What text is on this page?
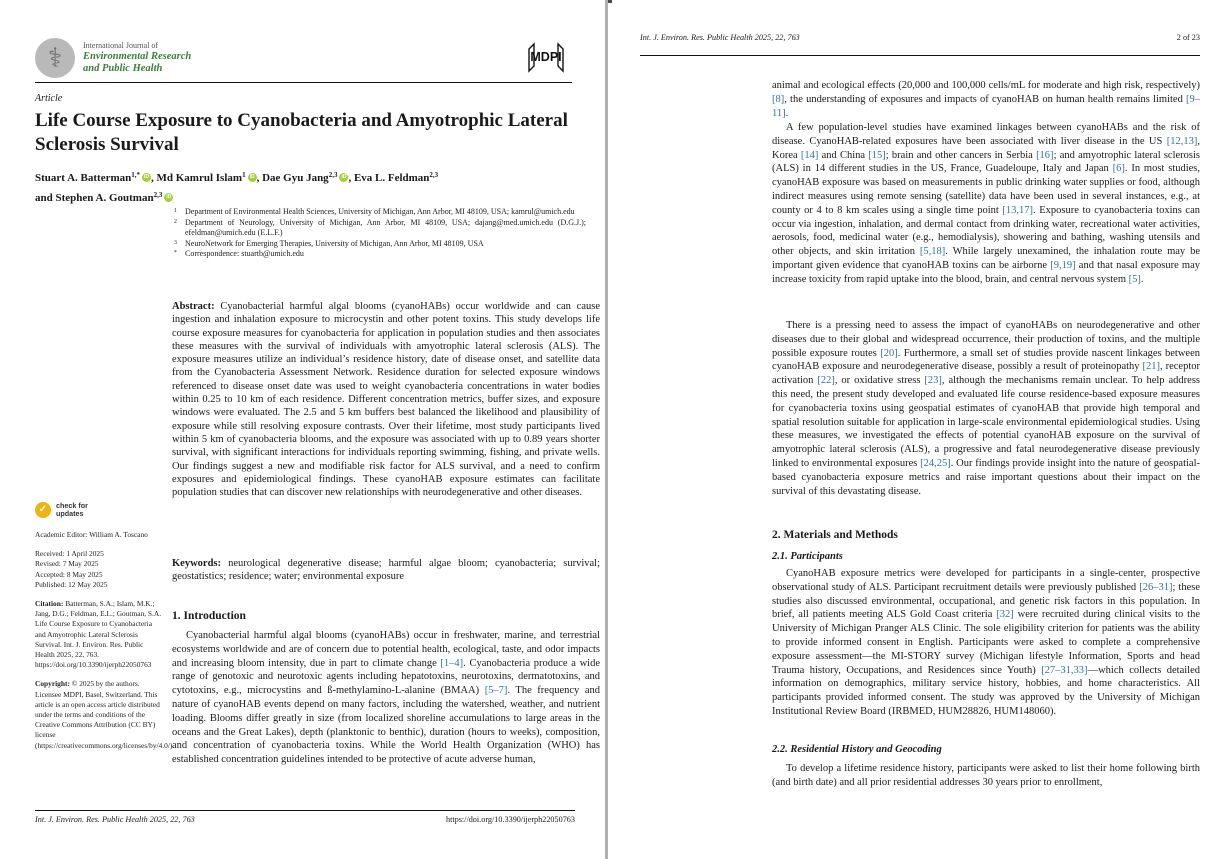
⚕	International Journal of
Environmental Research
and Public Health
MDPI
Article
Life Course Exposure to Cyanobacteria and Amyotrophic Lateral Sclerosis Survival
Stuart A. Batterman$^{1,*}$ iD , Md Kamrul Islam$^1$ iD , Dae Gyu Jang$^{2,3}$ iD , Eva L. Feldman$^{2,3}$
and Stephen A. Goutman$^{2,3}$ iD
1 Department of Environmental Health Sciences, University of Michigan, Ann Arbor, MI 48109, USA; kamrul@umich.edu
2 Department of Neurology, University of Michigan, Ann Arbor, MI 48109, USA; dajang@med.umich.edu (D.G.J.); efeldman@umich.edu (E.L.F.)
3 NeuroNetwork for Emerging Therapies, University of Michigan, Ann Arbor, MI 48109, USA
* Correspondence: stuartb@umich.edu

Abstract: Cyanobacterial harmful algal blooms (cyanoHABs) occur worldwide and can cause ingestion and inhalation exposure to microcystin and other potent toxins. This study develops life course exposure measures for cyanobacteria for application in population studies and then associates these measures with the survival of individuals with amyotrophic lateral sclerosis (ALS). The exposure measures utilize an individual’s residence history, date of disease onset, and satellite data from the Cyanobacteria Assessment Network. Residence duration for selected exposure windows referenced to disease onset date was used to weight cyanobacteria concentrations in water bodies within 0.25 to 10 km of each residence. Different concentration metrics, buffer sizes, and exposure windows were evaluated. The 2.5 and 5 km buffers best balanced the likelihood and plausibility of exposure while still resolving exposure contrasts. Over their lifetime, most study participants lived within 5 km of cyanobacteria blooms, and the exposure was associated with up to 0.89 years shorter survival, with significant interactions for individuals reporting swimming, fishing, and private wells. Our findings suggest a new and modifiable risk factor for ALS survival, and a need to confirm exposures and epidemiological findings. These cyanoHAB exposure estimates can facilitate population studies that can discover new relationships with neurodegenerative and other diseases.

Keywords: neurological degenerative disease; harmful algae bloom; cyanobacteria; survival; geostatistics; residence; water; environmental exposure

✓	check for
updates
Academic Editor: William A. Toscano
Received: 1 April 2025
Revised: 7 May 2025
Accepted: 8 May 2025
Published: 12 May 2025
Citation: Batterman, S.A.; Islam, M.K.; Jang, D.G.; Feldman, E.L.; Goutman, S.A. Life Course Exposure to Cyanobacteria and Amyotrophic Lateral Sclerosis Survival. Int. J. Environ. Res. Public Health 2025, 22, 763. https://doi.org/10.3390/ijerph22050763
Copyright: © 2025 by the authors. Licensee MDPI, Basel, Switzerland. This article is an open access article distributed under the terms and conditions of the Creative Commons Attribution (CC BY) license (https://creativecommons.org/licenses/by/4.0/).
1. Introduction

Cyanobacterial harmful algal blooms (cyanoHABs) occur in freshwater, marine, and terrestrial ecosystems worldwide and are of concern due to potential health, ecological, taste, and odor impacts and increasing bloom intensity, due in part to climate change [1–4]. Cyanobacteria produce a wide range of genotoxic and neurotoxic agents including hepatotoxins, neurotoxins, dermatotoxins, and cytotoxins, e.g., microcystins and ß-methylamino-L-alanine (BMAA) [5–7]. The frequency and nature of cyanoHAB events depend on many factors, including the watershed, weather, and nutrient loading. Blooms differ greatly in size (from localized shoreline accumulations to large areas in the oceans and the Great Lakes), depth (planktonic to benthic), duration (hours to weeks), composition, and concentration of cyanobacteria toxins. While the World Health Organization (WHO) has established concentration guidelines intended to be protective of acute adverse human,

Int. J. Environ. Res. Public Health 2025, 22, 763	https://doi.org/10.3390/ijerph22050763
Int. J. Environ. Res. Public Health 2025, 22, 763	2 of 23

animal and ecological effects (20,000 and 100,000 cells/mL for moderate and high risk, respectively) [8], the understanding of exposures and impacts of cyanoHAB on human health remains limited [9–11].

A few population-level studies have examined linkages between cyanoHABs and the risk of disease. CyanoHAB-related exposures have been associated with liver disease in the US [12,13], Korea [14] and China [15]; brain and other cancers in Serbia [16]; and amyotrophic lateral sclerosis (ALS) in 14 different studies in the US, France, Guadeloupe, Italy and Japan [6]. In most studies, cyanoHAB exposure was based on measurements in public drinking water supplies or food, although indirect measures using remote sensing (satellite) data have been used in several instances, e.g., at county or 4 to 8 km scales using a single time point [13,17]. Exposure to cyanobacteria toxins can occur via ingestion, inhalation, and dermal contact from drinking water, recreational water activities, aerosols, food, medicinal water (e.g., hemodialysis), showering and bathing, washing utensils and other objects, and skin irritation [5,18]. While largely unexamined, the inhalation route may be important given evidence that cyanoHAB toxins can be airborne [9,19] and that nasal exposure may increase toxicity from rapid uptake into the blood, brain, and central nervous system [5].

There is a pressing need to assess the impact of cyanoHABs on neurodegenerative and other diseases due to their global and widespread occurrence, their production of toxins, and the multiple possible exposure routes [20]. Furthermore, a small set of studies provide nascent linkages between cyanoHAB exposure and neurodegenerative disease, possibly a result of proteinopathy [21], receptor activation [22], or oxidative stress [23], although the mechanisms remain unclear. To help address this need, the present study developed and evaluated life course residence-based exposure measures for cyanobacteria toxins using geospatial estimates of cyanoHAB that provide high temporal and spatial resolution suitable for application in large-scale environmental epidemiological studies. Using these measures, we investigated the effects of potential cyanoHAB exposure on the survival of amyotrophic lateral sclerosis (ALS), a progressive and fatal neurodegenerative disease previously linked to environmental exposures [24,25]. Our findings provide insight into the nature of geospatial-based cyanobacteria exposure metrics and raise important questions about their impact on the survival of this devastating disease.

2. Materials and Methods
2.1. Participants

CyanoHAB exposure metrics were developed for participants in a single-center, prospective observational study of ALS. Participant recruitment details were previously published [26–31]; these studies also discussed environmental, occupational, and genetic risk factors in this population. In brief, all patients meeting ALS Gold Coast criteria [32] were recruited during clinical visits to the University of Michigan Pranger ALS Clinic. The sole eligibility criterion for patients was the ability to provide informed consent in English. Participants were asked to complete a comprehensive exposure assessment—the MI-STORY survey (Michigan lifestyle Information, Sports and head Trauma history, Occupations, and Residences since Youth) [27–31,33]—which collects detailed information on demographics, military service history, hobbies, and home characteristics. All participants provided informed consent. The study was approved by the University of Michigan Institutional Review Board (IRBMED, HUM28826, HUM148060).

2.2. Residential History and Geocoding

To develop a lifetime residence history, participants were asked to list their home following birth (and birth date) and all prior residential addresses 30 years prior to enrollment,
